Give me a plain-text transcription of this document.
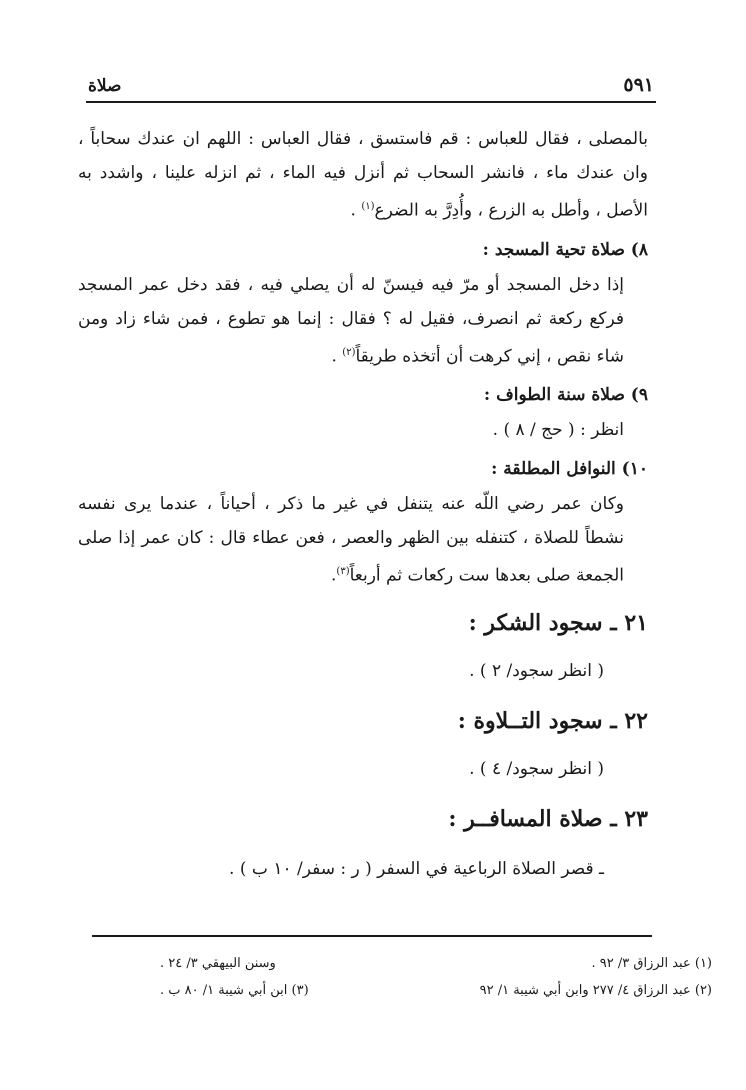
٥٩١
صلاة

بالمصلى ، فقال للعباس : قم فاستسق ، فقال العباس : اللهم ان عندك سحاباً ، وان عندك ماء ، فانشر السحاب ثم أنزل فيه الماء ، ثم انزله علينا ، واشدد به الأصل ، وأطل به الزرع ، وأُدِرَّ به الضرع$^{(١)}$ .

٨) صلاة تحية المسجد :

إذا دخل المسجد أو مرّ فيه فيسنّ له أن يصلي فيه ، فقد دخل عمر المسجد فركع ركعة ثم انصرف، فقيل له ؟ فقال : إنما هو تطوع ، فمن شاء زاد ومن شاء نقص ، إني كرهت أن أتخذه طريقاً$^{(٢)}$ .

٩) صلاة سنة الطواف :

انظر : ( حج / ٨ ) .

١٠) النوافل المطلقة :

وكان عمر رضي اللّه عنه يتنفل في غير ما ذكر ، أحياناً ، عندما يرى نفسه نشطاً للصلاة ، كتنفله بين الظهر والعصر ، فعن عطاء قال : كان عمر إذا صلى الجمعة صلى بعدها ست ركعات ثم أربعاً$^{(٣)}$.

٢١ ـ سجود الشكر :

( انظر سجود/ ٢ ) .

٢٢ ـ سجود التــلاوة :

( انظر سجود/ ٤ ) .

٢٣ ـ صلاة المسافــر :

ـ قصر الصلاة الرباعية في السفر ( ر : سفر/ ١٠ ب ) .

(١) عبد الرزاق ٣/ ٩٢ .
وسنن البيهقي ٣/ ٢٤ .
(٢) عبد الرزاق ٤/ ٢٧٧ وابن أبي شيبة ١/ ٩٢
(٣) ابن أبي شيبة ١/ ٨٠ ب .
